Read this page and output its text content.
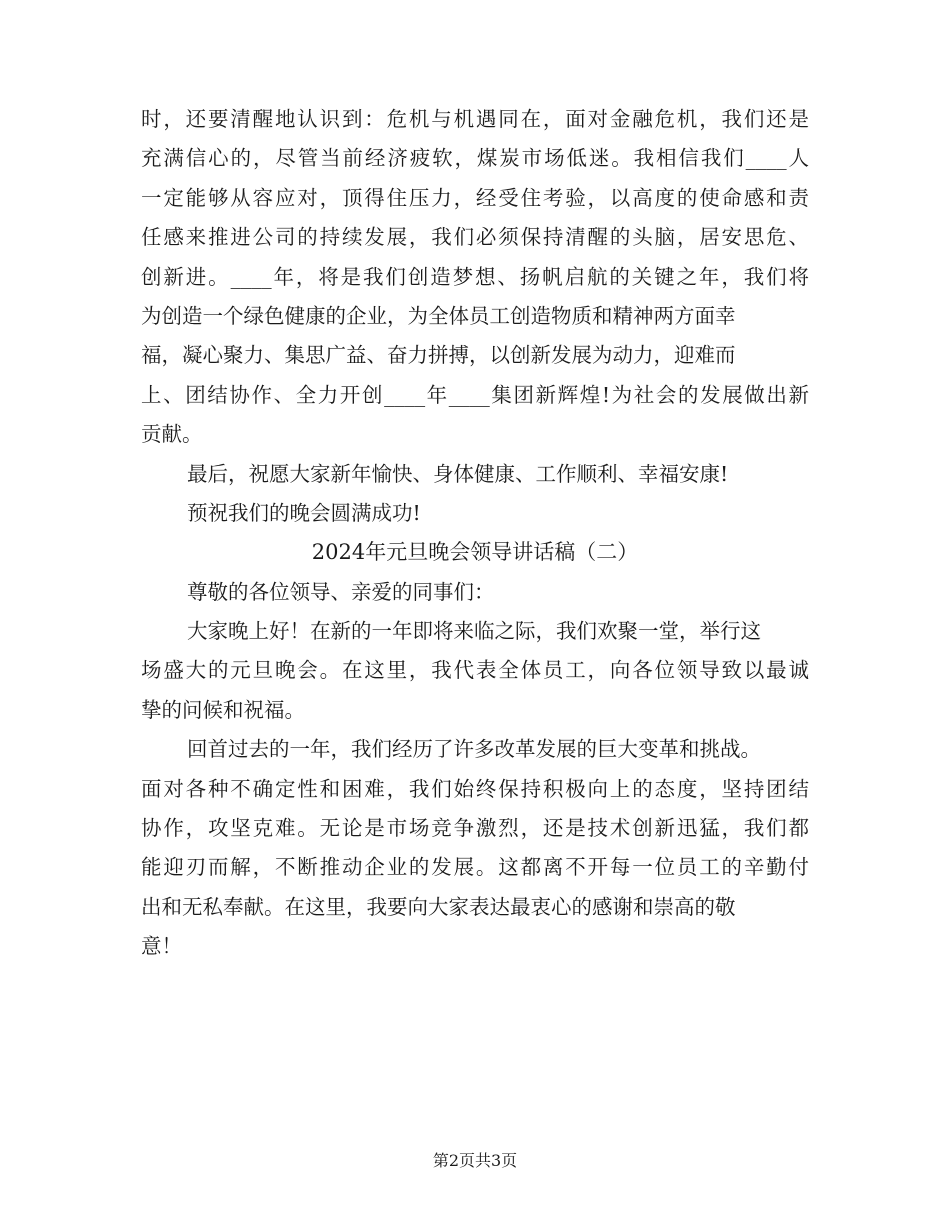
时，还要清醒地认识到：危机与机遇同在，面对金融危机，我们还是
充满信心的，尽管当前经济疲软，煤炭市场低迷。我相信我们____人
一定能够从容应对，顶得住压力，经受住考验，以高度的使命感和责
任感来推进公司的持续发展，我们必须保持清醒的头脑，居安思危、
创新进。____年，将是我们创造梦想、扬帆启航的关键之年，我们将
为创造一个绿色健康的企业，为全体员工创造物质和精神两方面幸
福，凝心聚力、集思广益、奋力拼搏，以创新发展为动力，迎难而
上、团结协作、全力开创____年____集团新辉煌!为社会的发展做出新
贡献。
最后，祝愿大家新年愉快、身体健康、工作顺利、幸福安康!
预祝我们的晚会圆满成功!
2024年元旦晚会领导讲话稿（二）
尊敬的各位领导、亲爱的同事们：
大家晚上好！在新的一年即将来临之际，我们欢聚一堂，举行这
场盛大的元旦晚会。在这里，我代表全体员工，向各位领导致以最诚
挚的问候和祝福。
回首过去的一年，我们经历了许多改革发展的巨大变革和挑战。
面对各种不确定性和困难，我们始终保持积极向上的态度，坚持团结
协作，攻坚克难。无论是市场竞争激烈，还是技术创新迅猛，我们都
能迎刃而解，不断推动企业的发展。这都离不开每一位员工的辛勤付
出和无私奉献。在这里，我要向大家表达最衷心的感谢和崇高的敬
意！
第2页共3页
